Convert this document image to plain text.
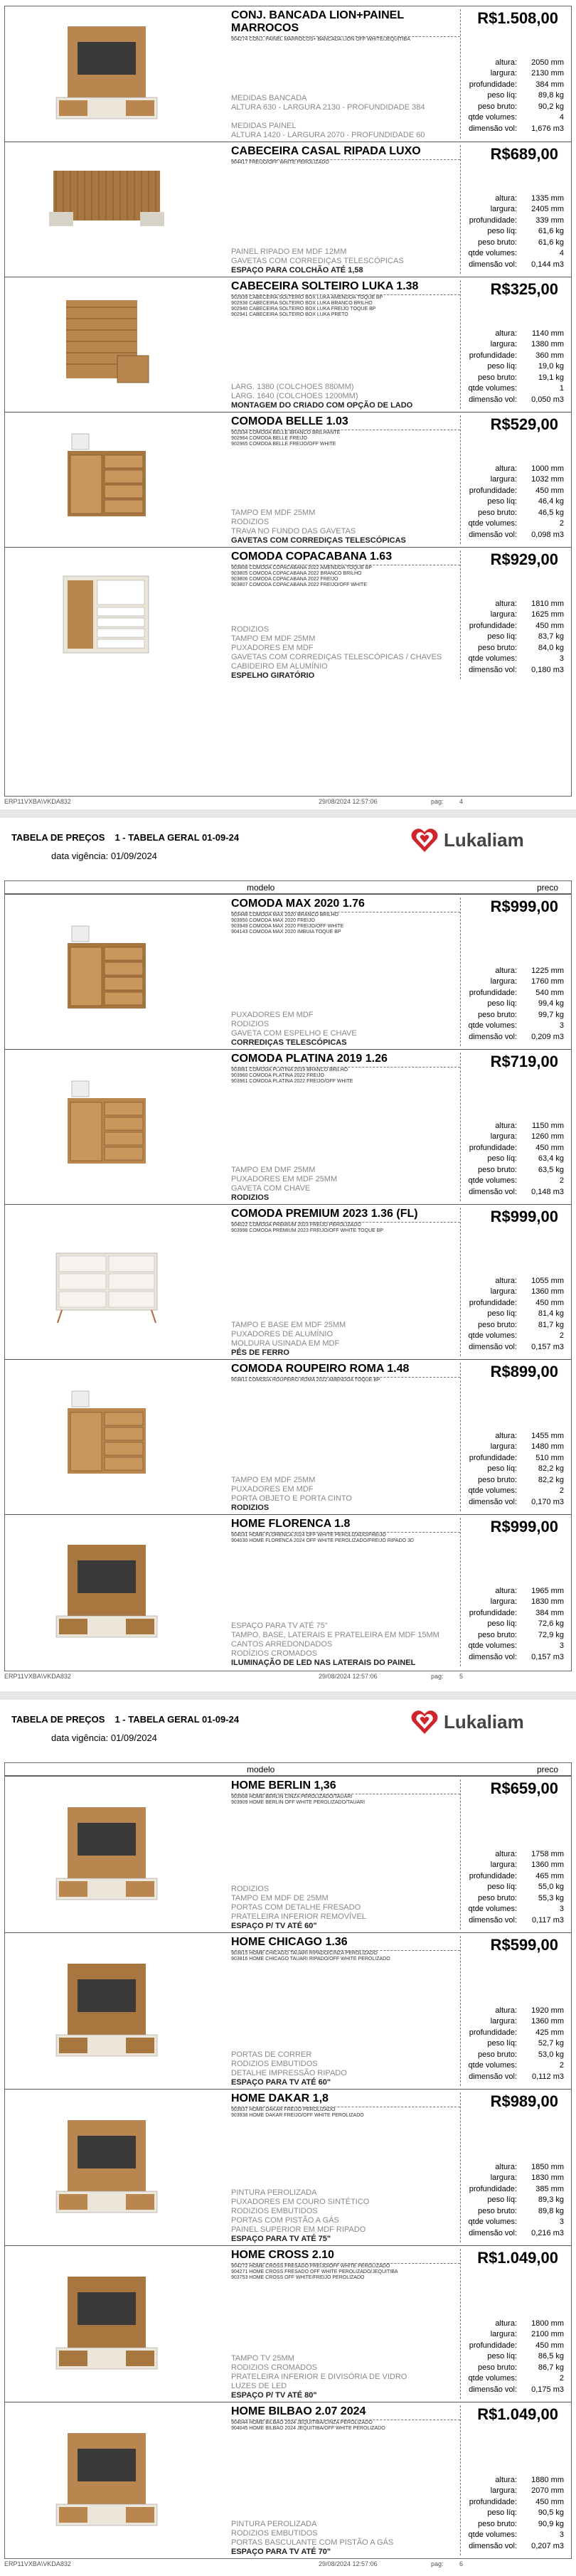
CONJ. BANCADA LION+PAINEL MARROCOS
904274 CONJ. PAINEL MARROCOS+ BANCADA LION OFF WHITE/JEQUITIBA
MEDIDAS BANCADA
ALTURA 630 - LARGURA 2130 - PROFUNDIDADE 384

MEDIDAS PAINEL
ALTURA 1420 - LARGURA 2070 - PROFUNDIDADE 60
R$1.508,00
altura:	2050 mm
largura:	2130 mm
profundidade:	384 mm
peso líq:	89,8 kg
peso bruto:	90,2 kg
qtde volumes:	4
dimensão vol:	1,676 m3
CABECEIRA CASAL RIPADA LUXO
904417 FREIJO/OFF WHITE PEROLIZADO
PAINEL RIPADO EM MDF 12MM
GAVETAS COM CORREDIÇAS TELESCÓPICAS
ESPAÇO PARA COLCHÃO ATÉ 1,58
R$689,00
altura:	1335 mm
largura:	2405 mm
profundidade:	339 mm
peso líq:	61,6 kg
peso bruto:	61,6 kg
qtde volumes:	4
dimensão vol:	0,144 m3
CABECEIRA SOLTEIRO LUKA 1.38
902939 CABECEIRA SOLTEIRO BOX LUKA AMENDOA TOQUE BP
902938 CABECEIRA SOLTEIRO BOX LUKA BRANCO BRILHO
902940 CABECEIRA SOLTEIRO BOX LUKA FREIJO TOQUE BP
902941 CABECEIRA SOLTEIRO BOX LUKA PRETO
LARG. 1380 (COLCHOES 880MM)
LARG. 1640 (COLCHOES 1200MM)
MONTAGEM DO CRIADO COM OPÇÃO DE LADO
R$325,00
altura:	1140 mm
largura:	1380 mm
profundidade:	360 mm
peso líq:	19,0 kg
peso bruto:	19,1 kg
qtde volumes:	1
dimensão vol:	0,050 m3
COMODA BELLE 1.03
902934 COMODA BELLE BRANCO BRILHANTE
902964 COMODA BELLE FREIJO
902965 COMODA BELLE FREIJO/OFF WHITE
TAMPO EM MDF 25MM
RODIZIOS
TRAVA NO FUNDO DAS GAVETAS
GAVETAS COM CORREDIÇAS TELESCÓPICAS
R$529,00
altura:	1000 mm
largura:	1032 mm
profundidade:	450 mm
peso líq:	46,4 kg
peso bruto:	46,5 kg
qtde volumes:	2
dimensão vol:	0,098 m3
COMODA COPACABANA 1.63
903808 COMODA COPACABANA 2022 AMENDOA TOQUE BP
903805 COMODA COPACABANA 2022 BRANCO BRILHO
903806 COMODA COPACABANA 2022 FREIJO
903807 COMODA COPACABANA 2022 FREIJO/OFF WHITE
RODIZIOS
TAMPO EM MDF 25MM
PUXADORES EM MDF
GAVETAS COM CORREDIÇAS TELESCÓPICAS / CHAVES
CABIDEIRO EM ALUMÍNIO
ESPELHO GIRATÓRIO
R$929,00
altura:	1810 mm
largura:	1625 mm
profundidade:	450 mm
peso líq:	83,7 kg
peso bruto:	84,0 kg
qtde volumes:	3
dimensão vol:	0,180 m3
ERP11VXBA\VKDA832	29/08/2024 12:57:06	pag: 4
TABELA DE PREÇOS 1 - TABELA GERAL 01-09-24
data vigência: 01/09/2024
Lukaliam
modelo	preco
COMODA MAX 2020 1.76
903448 COMODA MAX 2020 BRANCO BRILHO
903950 COMODA MAX 2020 FREIJO
903949 COMODA MAX 2020 FREIJO/OFF WHITE
904143 COMODA MAX 2020 IMBUIA TOQUE BP
PUXADORES EM MDF
RODIZIOS
GAVETA COM ESPELHO E CHAVE
CORREDIÇAS TELESCÓPICAS
R$999,00
altura:	1225 mm
largura:	1760 mm
profundidade:	540 mm
peso líq:	99,4 kg
peso bruto:	99,7 kg
qtde volumes:	3
dimensão vol:	0,209 m3
COMODA PLATINA 2019 1.26
903881 COMODA PLATINA 2019 BRANCO BRILHO
903960 COMODA PLATINA 2022 FREIJO
903961 COMODA PLATINA 2022 FREIJO/OFF WHITE
TAMPO EM DMF 25MM
PUXADORES EM MDF 25MM
GAVETA COM CHAVE
RODIZIOS
R$719,00
altura:	1150 mm
largura:	1260 mm
profundidade:	450 mm
peso líq:	63,4 kg
peso bruto:	63,5 kg
qtde volumes:	2
dimensão vol:	0,148 m3
COMODA PREMIUM 2023 1.36 (FL)
904022 COMODA PREMIUM 2023 FREIJO PEROLIZADO
903998 COMODA PREMIUM 2023 FREIJO/OFF WHITE TOQUE BP
TAMPO E BASE EM MDF 25MM
PUXADORES DE ALUMÍNIO
MOLDURA USINADA EM MDF
PÉS DE FERRO
R$999,00
altura:	1055 mm
largura:	1360 mm
profundidade:	450 mm
peso líq:	81,4 kg
peso bruto:	81,7 kg
qtde volumes:	2
dimensão vol:	0,157 m3
COMODA ROUPEIRO ROMA 1.48
903811 COMODA ROUPEIRO ROMA 2022 AMENDOA TOQUE BP
TAMPO EM MDF 25MM
PUXADORES EM MDF
PORTA OBJETO E PORTA CINTO
RODIZIOS
R$899,00
altura:	1455 mm
largura:	1480 mm
profundidade:	510 mm
peso líq:	82,2 kg
peso bruto:	82,2 kg
qtde volumes:	2
dimensão vol:	0,170 m3
HOME FLORENCA 1.8
904031 HOME FLORENCA 2024 OFF WHITE PEROLIZADO/FREIJO
904030 HOME FLORENCA 2024 OFF WHITE PEROLIZADO/FREIJO RIPADO 3D
ESPAÇO PARA TV ATÉ 75"
TAMPO, BASE, LATERAIS E PRATELEIRA EM MDF 15MM
CANTOS ARREDONDADOS
RODÍZIOS CROMADOS
ILUMINAÇÃO DE LED NAS LATERAIS DO PAINEL
R$999,00
altura:	1965 mm
largura:	1830 mm
profundidade:	384 mm
peso líq:	72,6 kg
peso bruto:	72,9 kg
qtde volumes:	3
dimensão vol:	0,157 m3
ERP11VXBA\VKDA832	29/08/2024 12:57:06	pag: 5
TABELA DE PREÇOS 1 - TABELA GERAL 01-09-24
data vigência: 01/09/2024
Lukaliam
modelo	preco
HOME BERLIN 1,36
903908 HOME BERLIN CINZA PEROLIZADO/TAUARI
903909 HOME BERLIN OFF WHITE PEROLIZADO/TAUARI
RODIZIOS
TAMPO EM MDF DE 25MM
PORTAS COM DETALHE FRESADO
PRATELEIRA INFERIOR REMOVÍVEL
ESPAÇO P/ TV ATÉ 60"
R$659,00
altura:	1758 mm
largura:	1360 mm
profundidade:	465 mm
peso líq:	55,0 kg
peso bruto:	55,3 kg
qtde volumes:	3
dimensão vol:	0,117 m3
HOME CHICAGO 1.36
903815 HOME CHICAGO TAUARI RIPADO/CINZA PEROLIZADO
903816 HOME CHICAGO TAUARI RIPADO/OFF WHITE PEROLIZADO
PORTAS DE CORRER
RODIZIOS EMBUTIDOS
DETALHE IMPRESSÃO RIPADO
ESPAÇO PARA TV ATÉ 60"
R$599,00
altura:	1920 mm
largura:	1360 mm
profundidade:	425 mm
peso líq:	52,7 kg
peso bruto:	53,0 kg
qtde volumes:	2
dimensão vol:	0,112 m3
HOME DAKAR 1,8
903937 HOME DAKAR FREIJO PEROLIZADO
903938 HOME DAKAR FREIJO/OFF WHITE PEROLIZADO
PINTURA PEROLIZADA
PUXADORES EM COURO SINTÉTICO
RODIZIOS EMBUTIDOS
PORTAS COM PISTÃO A GÁS
PAINEL SUPERIOR EM MDF RIPADO
ESPAÇO PARA TV ATÉ 75"
R$989,00
altura:	1850 mm
largura:	1830 mm
profundidade:	385 mm
peso líq:	89,3 kg
peso bruto:	89,8 kg
qtde volumes:	3
dimensão vol:	0,216 m3
HOME CROSS 2.10
904272 HOME CROSS FRESADO FREIJO/OFF WHITE PEROLIZADO
904271 HOME CROSS FRESADO OFF WHITE PEROLIZADO/JEQUITIBA
903753 HOME CROSS OFF WHITE/FREIJO PEROLIZADO
TAMPO TV 25MM
RODIZIOS CROMADOS
PRATELEIRA INFERIOR E DIVISÓRIA DE VIDRO
LUZES DE LED
ESPAÇO P/ TV ATÉ 80"
R$1.049,00
altura:	1800 mm
largura:	2100 mm
profundidade:	450 mm
peso líq:	86,5 kg
peso bruto:	86,7 kg
qtde volumes:	2
dimensão vol:	0,175 m3
HOME BILBAO 2.07 2024
904044 HOME BILBAO 2024 JEQUITIBA/CINZA PEROLIZADO
904045 HOME BILBAO 2024 JEQUITIBA/OFF WHITE PEROLIZADO
PINTURA PEROLIZADA
RODIZIOS EMBUTIDOS
PORTAS BASCULANTE COM PISTÃO A GÁS
ESPAÇO PARA TV ATÉ 70"
R$1.049,00
altura:	1880 mm
largura:	2070 mm
profundidade:	450 mm
peso líq:	90,5 kg
peso bruto:	90,9 kg
qtde volumes:	3
dimensão vol:	0,207 m3
ERP11VXBA\VKDA832	29/08/2024 12:57:06	pag: 6
